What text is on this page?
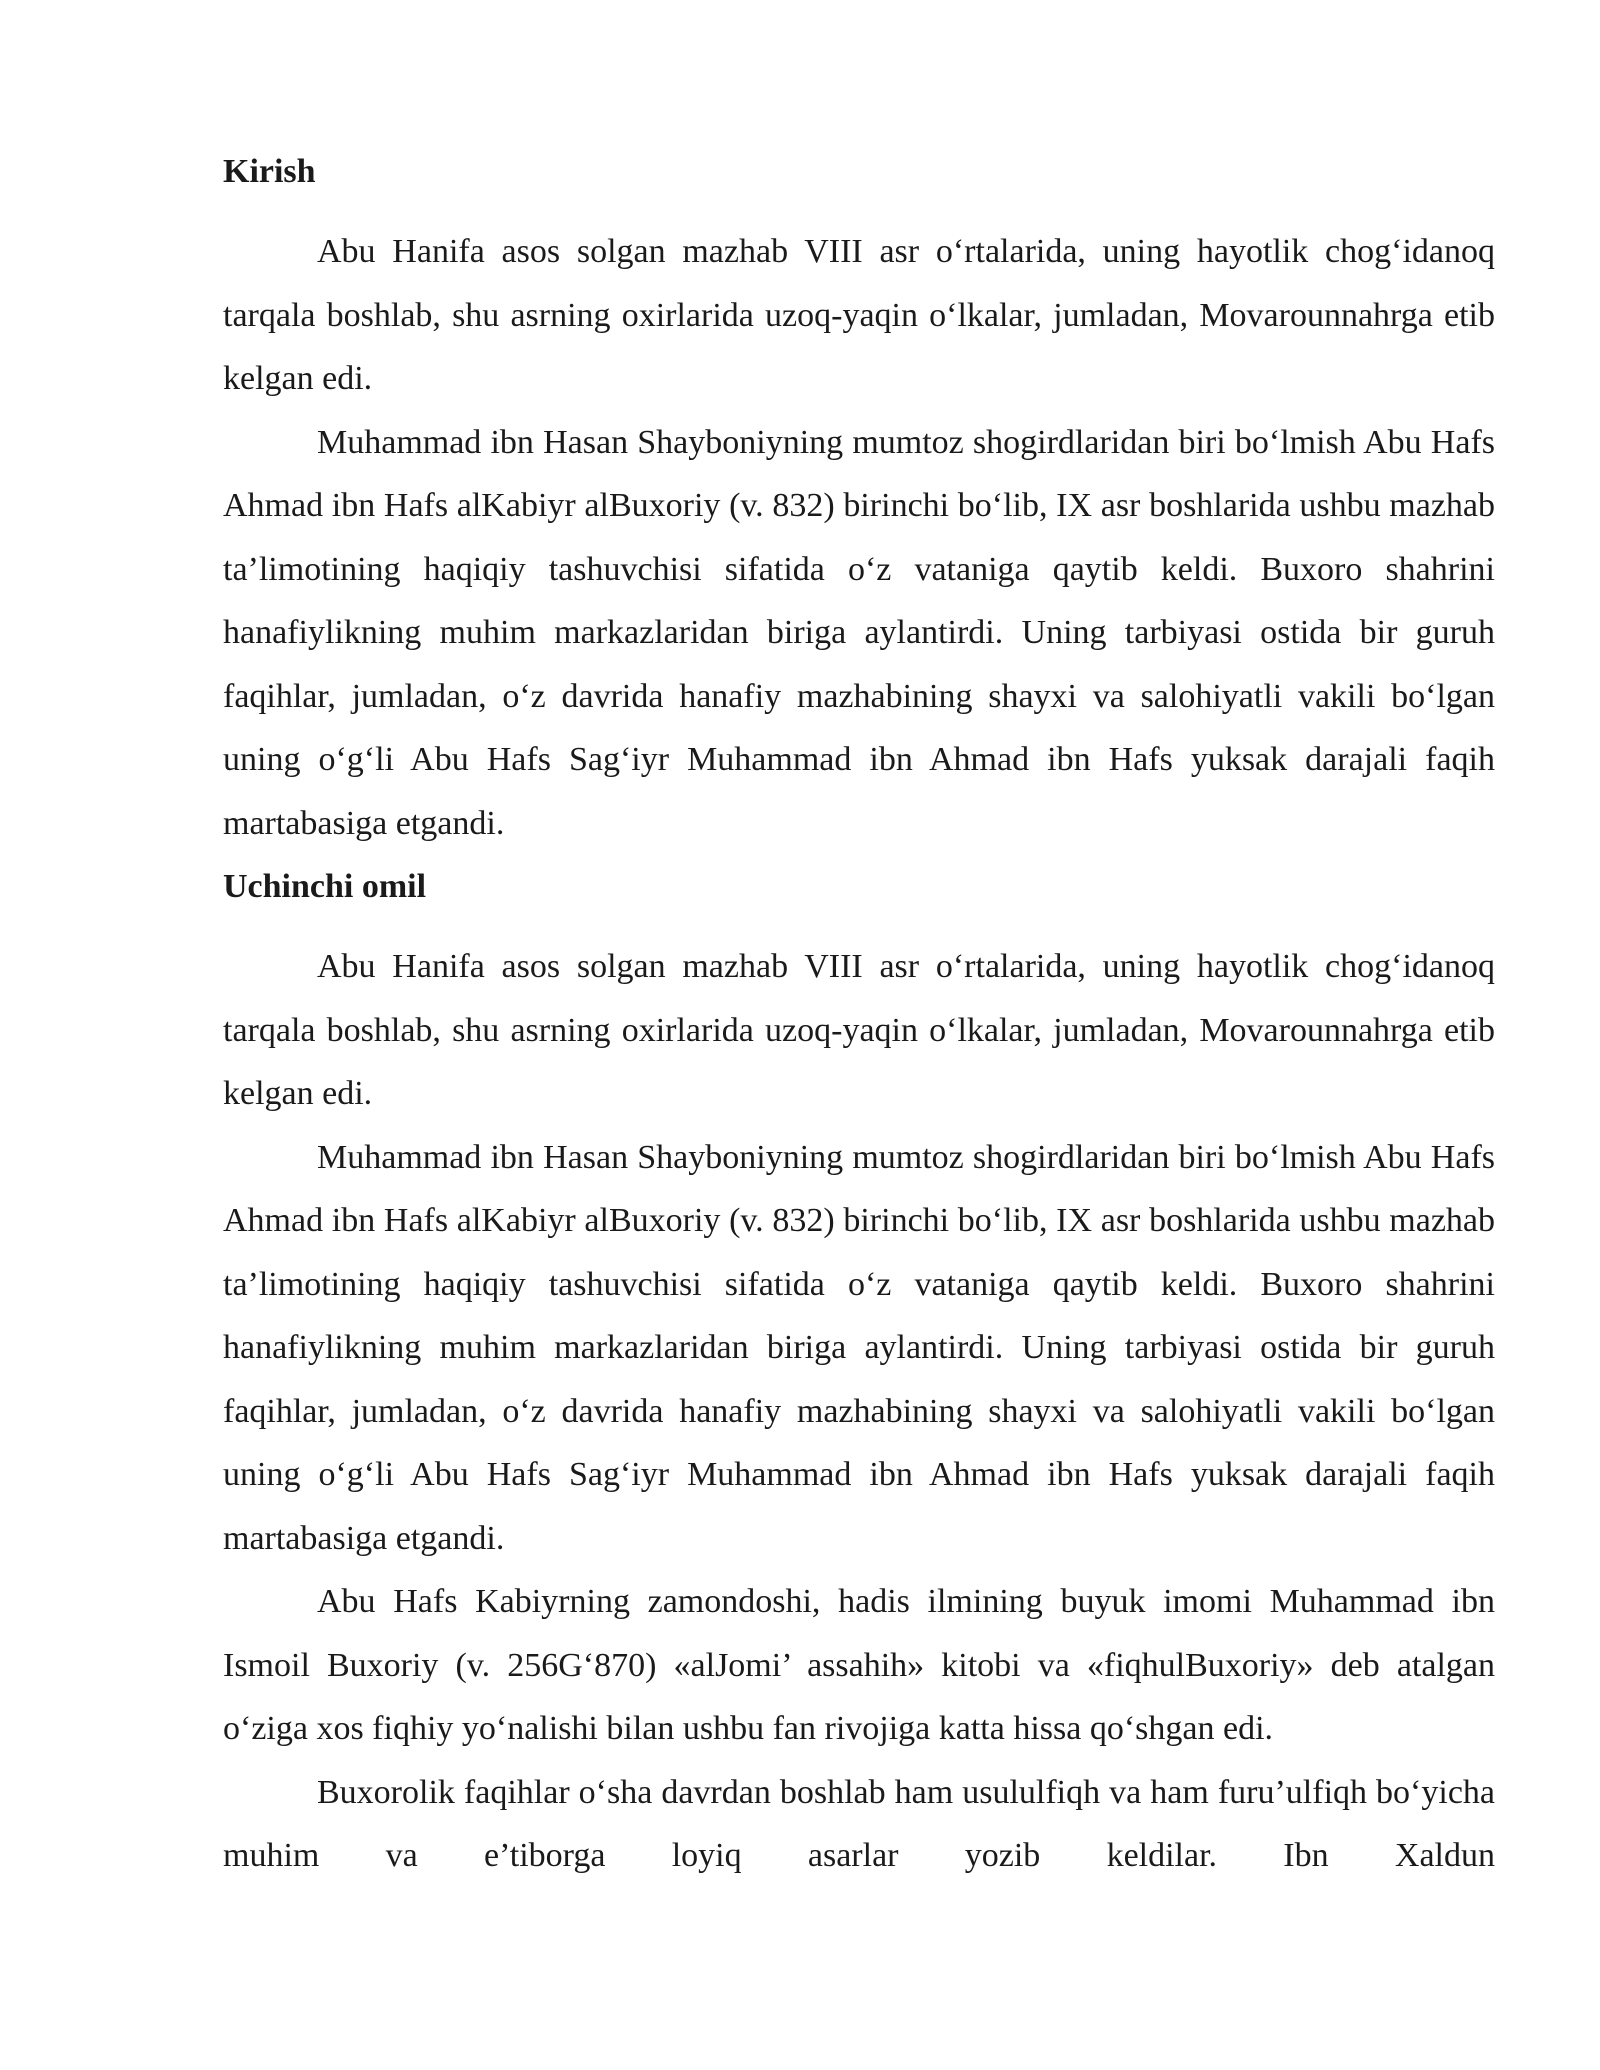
Kirish

Abu Hanifa asos solgan mazhab VIII asr o‘rtalarida, uning hayotlik chog‘idanoq tarqala boshlab, shu asrning oxirlarida uzoq-yaqin o‘lkalar, jumladan, Movarounnahrga etib kelgan edi.

Muhammad ibn Hasan Shayboniyning mumtoz shogirdlaridan biri bo‘lmish Abu Hafs Ahmad ibn Hafs alKabiyr alBuxoriy (v. 832) birinchi bo‘lib, IX asr boshlarida ushbu mazhab ta’limotining haqiqiy tashuvchisi sifatida o‘z vataniga qaytib keldi. Buxoro shahrini hanafiylikning muhim markazlaridan biriga aylantirdi. Uning tarbiyasi ostida bir guruh faqihlar, jumladan, o‘z davrida hanafiy mazhabining shayxi va salohiyatli vakili bo‘lgan uning o‘g‘li Abu Hafs Sag‘iyr Muhammad ibn Ahmad ibn Hafs yuksak darajali faqih martabasiga etgandi.

Uchinchi omil

Abu Hanifa asos solgan mazhab VIII asr o‘rtalarida, uning hayotlik chog‘idanoq tarqala boshlab, shu asrning oxirlarida uzoq-yaqin o‘lkalar, jumladan, Movarounnahrga etib kelgan edi.

Muhammad ibn Hasan Shayboniyning mumtoz shogirdlaridan biri bo‘lmish Abu Hafs Ahmad ibn Hafs alKabiyr alBuxoriy (v. 832) birinchi bo‘lib, IX asr boshlarida ushbu mazhab ta’limotining haqiqiy tashuvchisi sifatida o‘z vataniga qaytib keldi. Buxoro shahrini hanafiylikning muhim markazlaridan biriga aylantirdi. Uning tarbiyasi ostida bir guruh faqihlar, jumladan, o‘z davrida hanafiy mazhabining shayxi va salohiyatli vakili bo‘lgan uning o‘g‘li Abu Hafs Sag‘iyr Muhammad ibn Ahmad ibn Hafs yuksak darajali faqih martabasiga etgandi.

Abu Hafs Kabiyrning zamondoshi, hadis ilmining buyuk imomi Muhammad ibn Ismoil Buxoriy (v. 256G‘870) «alJomi’ assahih» kitobi va «fiqhulBuxoriy» deb atalgan o‘ziga xos fiqhiy yo‘nalishi bilan ushbu fan rivojiga katta hissa qo‘shgan edi.

Buxorolik faqihlar o‘sha davrdan boshlab ham usululfiqh va ham furu’ulfiqh bo‘yicha muhim va e’tiborga loyiq asarlar yozib keldilar. Ibn Xaldun
